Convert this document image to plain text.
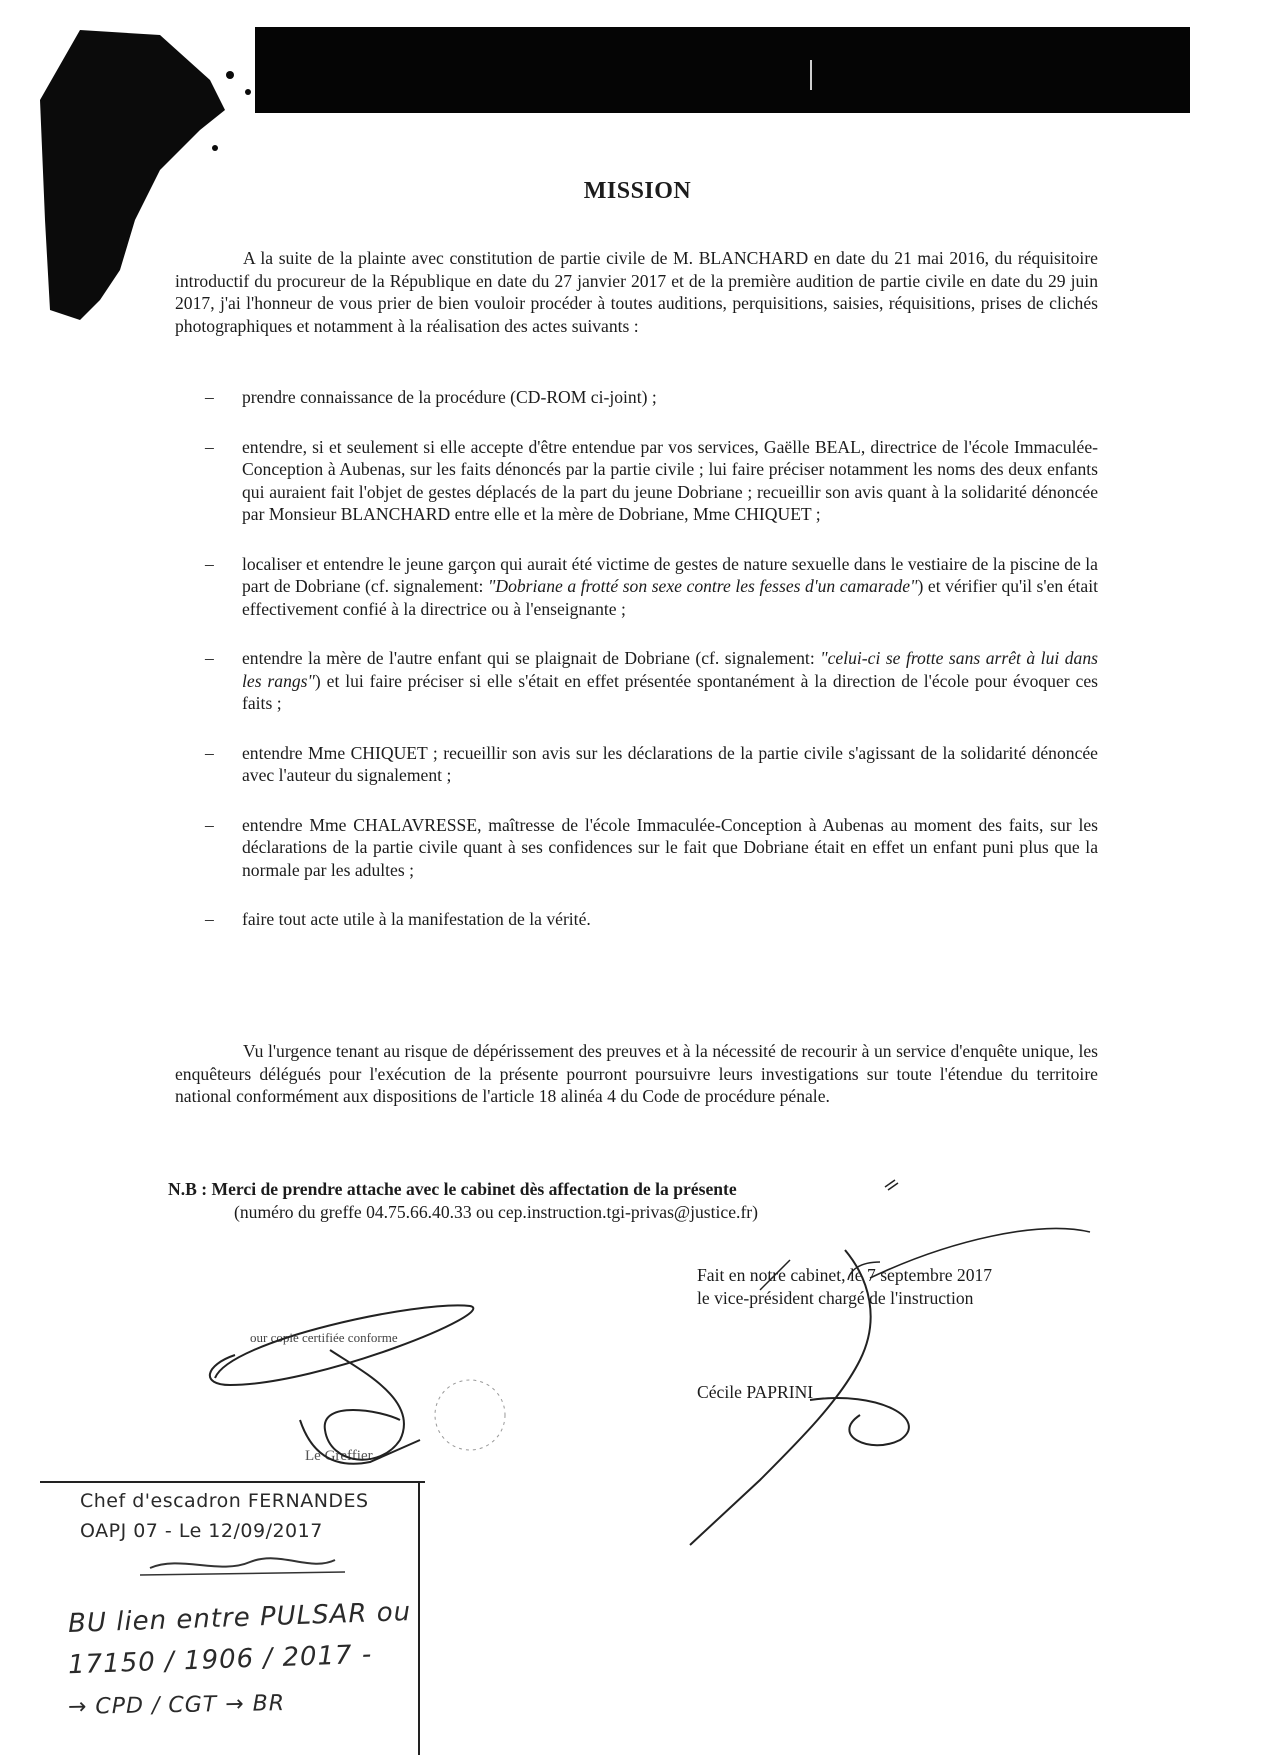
MISSION

A la suite de la plainte avec constitution de partie civile de M. BLANCHARD en date du 21 mai 2016, du réquisitoire introductif du procureur de la République en date du 27 janvier 2017 et de la première audition de partie civile en date du 29 juin 2017, j'ai l'honneur de vous prier de bien vouloir procéder à toutes auditions, perquisitions, saisies, réquisitions, prises de clichés photographiques et notamment à la réalisation des actes suivants :

– prendre connaissance de la procédure (CD-ROM ci-joint) ;
– entendre, si et seulement si elle accepte d'être entendue par vos services, Gaëlle BEAL, directrice de l'école Immaculée-Conception à Aubenas, sur les faits dénoncés par la partie civile ; lui faire préciser notamment les noms des deux enfants qui auraient fait l'objet de gestes déplacés de la part du jeune Dobriane ; recueillir son avis quant à la solidarité dénoncée par Monsieur BLANCHARD entre elle et la mère de Dobriane, Mme CHIQUET ;
– localiser et entendre le jeune garçon qui aurait été victime de gestes de nature sexuelle dans le vestiaire de la piscine de la part de Dobriane (cf. signalement: "Dobriane a frotté son sexe contre les fesses d'un camarade") et vérifier qu'il s'en était effectivement confié à la directrice ou à l'enseignante ;
– entendre la mère de l'autre enfant qui se plaignait de Dobriane (cf. signalement: "celui-ci se frotte sans arrêt à lui dans les rangs") et lui faire préciser si elle s'était en effet présentée spontanément à la direction de l'école pour évoquer ces faits ;
– entendre Mme CHIQUET ; recueillir son avis sur les déclarations de la partie civile s'agissant de la solidarité dénoncée avec l'auteur du signalement ;
– entendre Mme CHALAVRESSE, maîtresse de l'école Immaculée-Conception à Aubenas au moment des faits, sur les déclarations de la partie civile quant à ses confidences sur le fait que Dobriane était en effet un enfant puni plus que la normale par les adultes ;
– faire tout acte utile à la manifestation de la vérité.

Vu l'urgence tenant au risque de dépérissement des preuves et à la nécessité de recourir à un service d'enquête unique, les enquêteurs délégués pour l'exécution de la présente pourront poursuivre leurs investigations sur toute l'étendue du territoire national conformément aux dispositions de l'article 18 alinéa 4 du Code de procédure pénale.

N.B : Merci de prendre attache avec le cabinet dès affectation de la présente
(numéro du greffe 04.75.66.40.33 ou cep.instruction.tgi-privas@justice.fr)
Fait en notre cabinet, le 7 septembre 2017
le vice-président chargé de l'instruction
Cécile PAPRINI
our copie certifiée conforme
Le Greffier
Chef d'escadron FERNANDES
OAPJ 07 - Le 12/09/2017
BU lien entre PULSAR ou
17150 / 1906 / 2017 -
→ CPD / CGT → BR
